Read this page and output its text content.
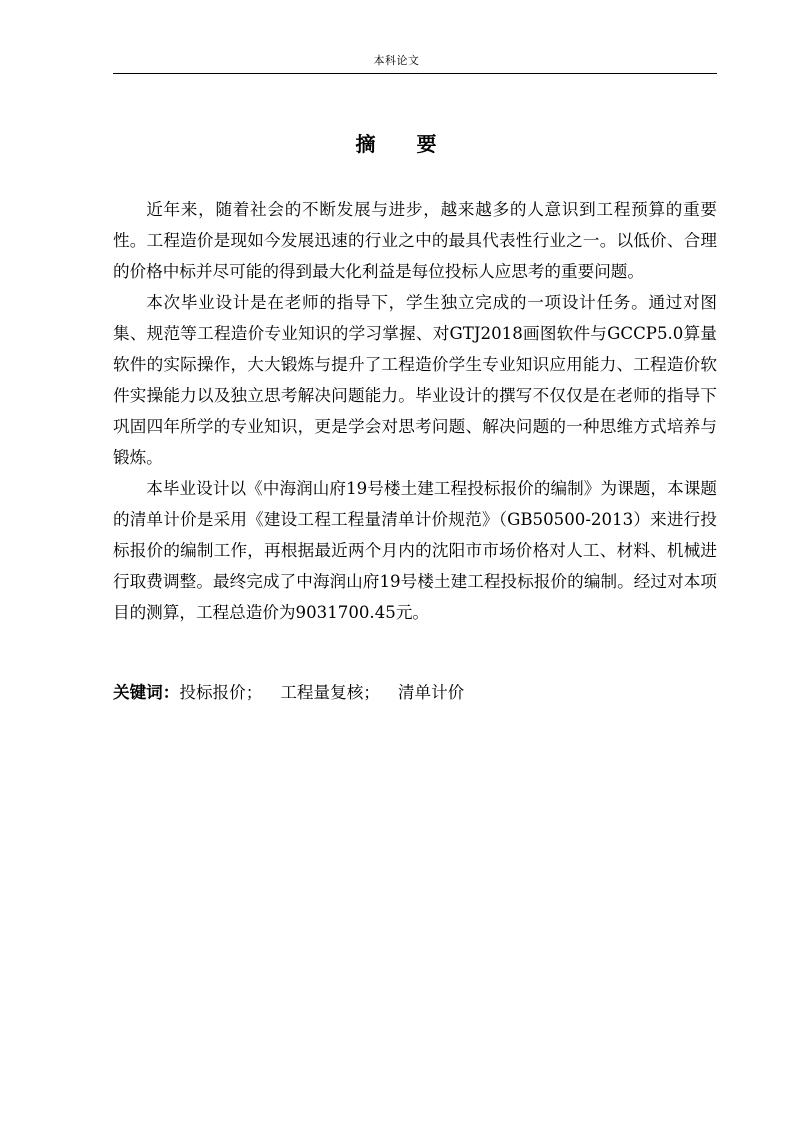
本科论文
摘 要

近年来，随着社会的不断发展与进步，越来越多的人意识到工程预算的重要性。工程造价是现如今发展迅速的行业之中的最具代表性行业之一。以低价、合理的价格中标并尽可能的得到最大化利益是每位投标人应思考的重要问题。

本次毕业设计是在老师的指导下，学生独立完成的一项设计任务。通过对图集、规范等工程造价专业知识的学习掌握、对GTJ2018画图软件与GCCP5.0算量软件的实际操作，大大锻炼与提升了工程造价学生专业知识应用能力、工程造价软件实操能力以及独立思考解决问题能力。毕业设计的撰写不仅仅是在老师的指导下巩固四年所学的专业知识，更是学会对思考问题、解决问题的一种思维方式培养与锻炼。

本毕业设计以《中海润山府19号楼土建工程投标报价的编制》为课题，本课题的清单计价是采用《建设工程工程量清单计价规范》（GB50500-2013）来进行投标报价的编制工作，再根据最近两个月内的沈阳市市场价格对人工、材料、机械进行取费调整。最终完成了中海润山府19号楼土建工程投标报价的编制。经过对本项目的测算，工程总造价为9031700.45元。

关键词：投标报价； 工程量复核； 清单计价
